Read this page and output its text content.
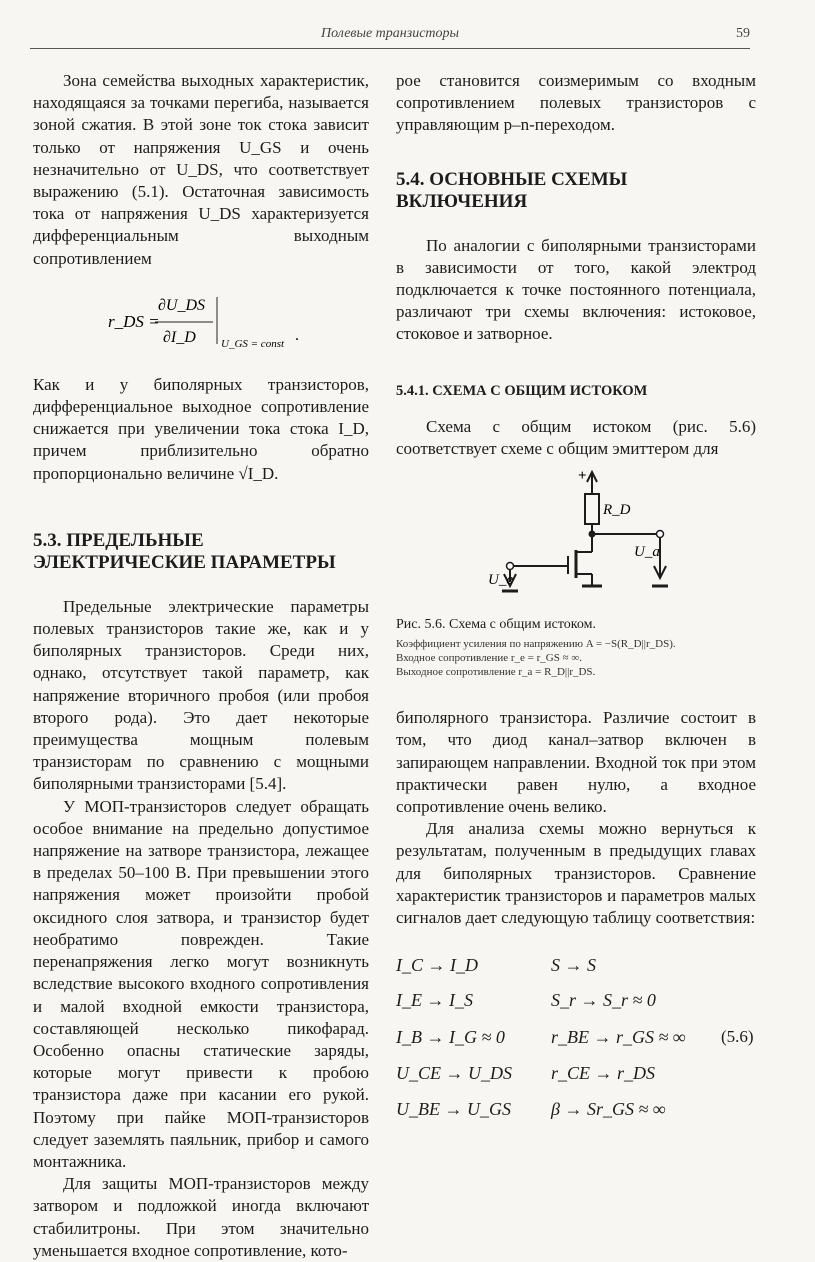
Полевые транзисторы	59

Зона семейства выходных характеристик, находящаяся за точками перегиба, называется зоной сжатия. В этой зоне ток стока зависит только от напряжения U_GS и очень незначительно от U_DS, что соответствует выражению (5.1). Остаточная зависимость тока от напряжения U_DS характеризуется дифференциальным выходным сопротивлением

r_DS =
∂U_DS
∂I_D U_GS = const .

Как и у биполярных транзисторов, дифференциальное выходное сопротивление снижается при увеличении тока стока I_D, причем приблизительно обратно пропорционально величине √I_D.

5.3. ПРЕДЕЛЬНЫЕ ЭЛЕКТРИЧЕСКИЕ ПАРАМЕТРЫ

Предельные электрические параметры полевых транзисторов такие же, как и у биполярных транзисторов. Среди них, однако, отсутствует такой параметр, как напряжение вторичного пробоя (или пробоя второго рода). Это дает некоторые преимущества мощным полевым транзисторам по сравнению с мощными биполярными транзисторами [5.4].

У МОП-транзисторов следует обращать особое внимание на предельно допустимое напряжение на затворе транзистора, лежащее в пределах 50–100 В. При превышении этого напряжения может произойти пробой оксидного слоя затвора, и транзистор будет необратимо поврежден. Такие перенапряжения легко могут возникнуть вследствие высокого входного сопротивления и малой входной емкости транзистора, составляющей несколько пикофарад. Особенно опасны статические заряды, которые могут привести к пробою транзистора даже при касании его рукой. Поэтому при пайке МОП-транзисторов следует заземлять паяльник, прибор и самого монтажника.

Для защиты МОП-транзисторов между затвором и подложкой иногда включают стабилитроны. При этом значительно уменьшается входное сопротивление, кото-

рое становится соизмеримым со входным сопротивлением полевых транзисторов с управляющим p–n-переходом.

5.4. ОСНОВНЫЕ СХЕМЫ ВКЛЮЧЕНИЯ

По аналогии с биполярными транзисторами в зависимости от того, какой электрод подключается к точке постоянного потенциала, различают три схемы включения: истоковое, стоковое и затворное.

5.4.1. СХЕМА С ОБЩИМ ИСТОКОМ

Схема с общим истоком (рис. 5.6) соответствует схеме с общим эмиттером для

+
R_D
U_a
U_e
Рис. 5.6. Схема с общим истоком.
Коэффициент усиления по напряжению A = −S(R_D||r_DS).
Входное сопротивление r_e = r_GS ≈ ∞.
Выходное сопротивление r_a = R_D||r_DS.

биполярного транзистора. Различие состоит в том, что диод канал–затвор включен в запирающем направлении. Входной ток при этом практически равен нулю, а входное сопротивление очень велико.

Для анализа схемы можно вернуться к результатам, полученным в предыдущих главах для биполярных транзисторов. Сравнение характеристик транзисторов и параметров малых сигналов дает следующую таблицу соответствия:

I_C → I_D
I_E → I_S
I_B → I_G ≈ 0
U_CE → U_DS
U_BE → U_GS
S → S
S_r → S_r ≈ 0
r_BE → r_GS ≈ ∞
r_CE → r_DS
β → Sr_GS ≈ ∞
(5.6)
